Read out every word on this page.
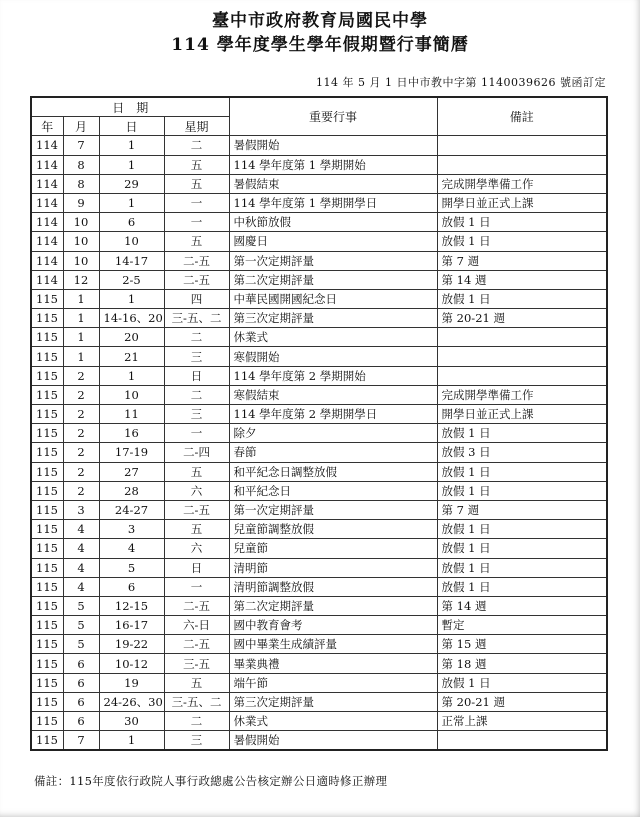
臺中市政府教育局國民中學
114 學年度學生學年假期暨行事簡曆
114 年 5 月 1 日中市教中字第 1140039626 號函訂定
日　期				重要行事	備註
年	月	日	星期		
114	7	1	二	暑假開始	
114	8	1	五	114 學年度第 1 學期開始	
114	8	29	五	暑假結束	完成開學準備工作
114	9	1	一	114 學年度第 1 學期開學日	開學日並正式上課
114	10	6	一	中秋節放假	放假 1 日
114	10	10	五	國慶日	放假 1 日
114	10	14-17	二-五	第一次定期評量	第 7 週
114	12	2-5	二-五	第二次定期評量	第 14 週
115	1	1	四	中華民國開國紀念日	放假 1 日
115	1	14-16、20	三-五、二	第三次定期評量	第 20-21 週
115	1	20	二	休業式	
115	1	21	三	寒假開始	
115	2	1	日	114 學年度第 2 學期開始	
115	2	10	二	寒假結束	完成開學準備工作
115	2	11	三	114 學年度第 2 學期開學日	開學日並正式上課
115	2	16	一	除夕	放假 1 日
115	2	17-19	二-四	春節	放假 3 日
115	2	27	五	和平紀念日調整放假	放假 1 日
115	2	28	六	和平紀念日	放假 1 日
115	3	24-27	二-五	第一次定期評量	第 7 週
115	4	3	五	兒童節調整放假	放假 1 日
115	4	4	六	兒童節	放假 1 日
115	4	5	日	清明節	放假 1 日
115	4	6	一	清明節調整放假	放假 1 日
115	5	12-15	二-五	第二次定期評量	第 14 週
115	5	16-17	六-日	國中教育會考	暫定
115	5	19-22	二-五	國中畢業生成績評量	第 15 週
115	6	10-12	三-五	畢業典禮	第 18 週
115	6	19	五	端午節	放假 1 日
115	6	24-26、30	三-五、二	第三次定期評量	第 20-21 週
115	6	30	二	休業式	正常上課
115	7	1	三	暑假開始	
備註：115年度依行政院人事行政總處公告核定辦公日適時修正辦理
